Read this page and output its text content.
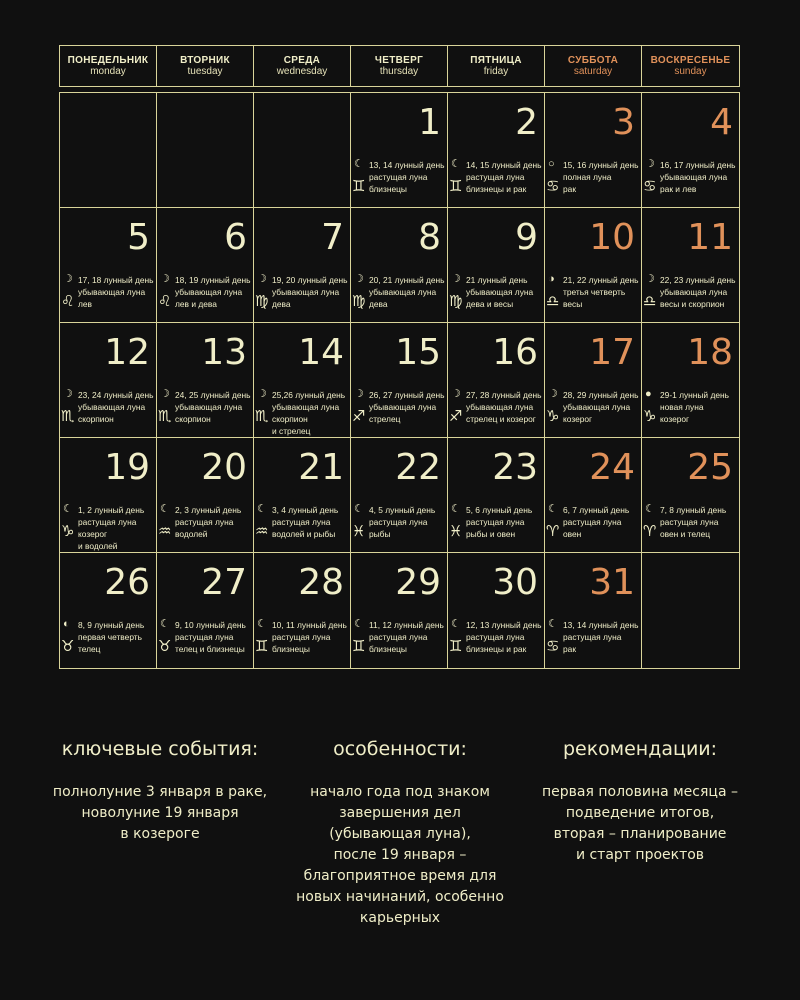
ПОНЕДЕЛЬНИК
monday
ВТОРНИК
tuesday
СРЕДА
wednesday
ЧЕТВЕРГ
thursday
ПЯТНИЦА
friday
СУББОТА
saturday
ВОСКРЕСЕНЬЕ
sunday
1
☾
♊
13, 14 лунный день
растущая луна
близнецы
2
☾
♊
14, 15 лунный день
растущая луна
близнецы и рак
3
○
♋
15, 16 лунный день
полная луна
рак
4
☽
♋
16, 17 лунный день
убывающая луна
рак и лев
5
☽
♌
17, 18 лунный день
убывающая луна
лев
6
☽
♌
18, 19 лунный день
убывающая луна
лев и дева
7
☽
♍
19, 20 лунный день
убывающая луна
дева
8
☽
♍
20, 21 лунный день
убывающая луна
дева
9
☽
♍
21 лунный день
убывающая луна
дева и весы
10
◑
♎
21, 22 лунный день
третья четверть
весы
11
☽
♎
22, 23 лунный день
убывающая луна
весы и скорпион
12
☽
♏
23, 24 лунный день
убывающая луна
скорпион
13
☽
♏
24, 25 лунный день
убывающая луна
скорпион
14
☽
♏
25,26 лунный день
убывающая луна
скорпион
и стрелец
15
☽
♐
26, 27 лунный день
убывающая луна
стрелец
16
☽
♐
27, 28 лунный день
убывающая луна
стрелец и козерог
17
☽
♑
28, 29 лунный день
убывающая луна
козерог
18
●
♑
29-1 лунный день
новая луна
козерог
19
☾
♑
1, 2 лунный день
растущая луна
козерог
и водолей
20
☾
♒
2, 3 лунный день
растущая луна
водолей
21
☾
♒
3, 4 лунный день
растущая луна
водолей и рыбы
22
☾
♓
4, 5 лунный день
растущая луна
рыбы
23
☾
♓
5, 6 лунный день
растущая луна
рыбы и овен
24
☾
♈
6, 7 лунный день
растущая луна
овен
25
☾
♈
7, 8 лунный день
растущая луна
овен и телец
26
◐
♉
8, 9 лунный день
первая четверть
телец
27
☾
♉
9, 10 лунный день
растущая луна
телец и близнецы
28
☾
♊
10, 11 лунный день
растущая луна
близнецы
29
☾
♊
11, 12 лунный день
растущая луна
близнецы
30
☾
♊
12, 13 лунный день
растущая луна
близнецы и рак
31
☾
♋
13, 14 лунный день
растущая луна
рак
ключевые события:
полнолуние 3 января в раке,
новолуние 19 января
в козероге
особенности:
начало года под знаком
завершения дел
(убывающая луна),
после 19 января –
благоприятное время для
новых начинаний, особенно
карьерных
рекомендации:
первая половина месяца –
подведение итогов,
вторая – планирование
и старт проектов
